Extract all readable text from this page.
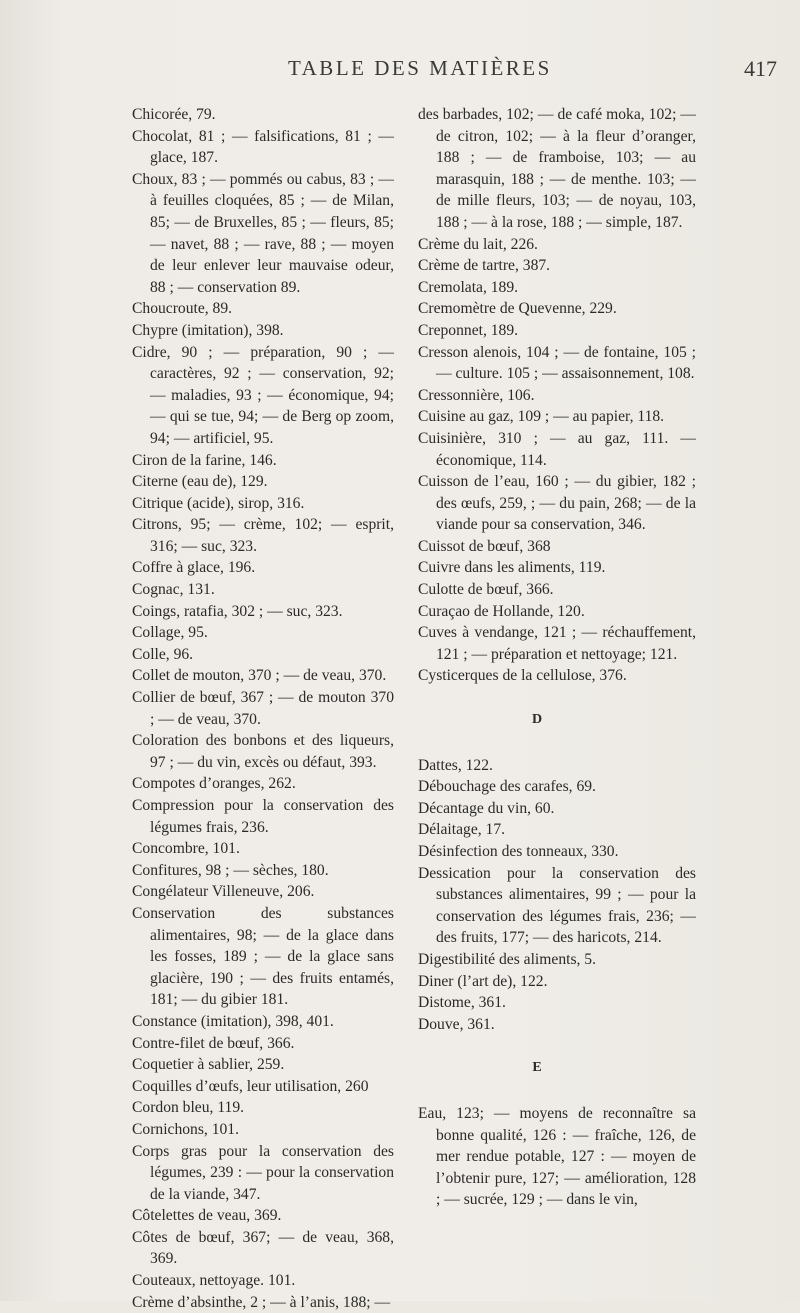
TABLE DES MATIÈRES	417

Chicorée, 79.

Chocolat, 81 ; — falsifications, 81 ; — glace, 187.

Choux, 83 ; — pommés ou cabus, 83 ; — à feuilles cloquées, 85 ; — de Milan, 85; — de Bruxelles, 85 ; — fleurs, 85; — navet, 88 ; — rave, 88 ; — moyen de leur enlever leur mauvaise odeur, 88 ; — conservation 89.

Choucroute, 89.

Chypre (imitation), 398.

Cidre, 90 ; — préparation, 90 ; — caractères, 92 ; — conservation, 92; — maladies, 93 ; — économique, 94; — qui se tue, 94; — de Berg op zoom, 94; — artificiel, 95.

Ciron de la farine, 146.

Citerne (eau de), 129.

Citrique (acide), sirop, 316.

Citrons, 95; — crème, 102; — esprit, 316; — suc, 323.

Coffre à glace, 196.

Cognac, 131.

Coings, ratafia, 302 ; — suc, 323.

Collage, 95.

Colle, 96.

Collet de mouton, 370 ; — de veau, 370.

Collier de bœuf, 367 ; — de mouton 370 ; — de veau, 370.

Coloration des bonbons et des liqueurs, 97 ; — du vin, excès ou défaut, 393.

Compotes d’oranges, 262.

Compression pour la conservation des légumes frais, 236.

Concombre, 101.

Confitures, 98 ; — sèches, 180.

Congélateur Villeneuve, 206.

Conservation des substances alimentaires, 98; — de la glace dans les fosses, 189 ; — de la glace sans glacière, 190 ; — des fruits entamés, 181; — du gibier 181.

Constance (imitation), 398, 401.

Contre-filet de bœuf, 366.

Coquetier à sablier, 259.

Coquilles d’œufs, leur utilisation, 260

Cordon bleu, 119.

Cornichons, 101.

Corps gras pour la conservation des légumes, 239 : — pour la conservation de la viande, 347.

Côtelettes de veau, 369.

Côtes de bœuf, 367; — de veau, 368, 369.

Couteaux, nettoyage. 101.

Crème d’absinthe, 2 ; — à l’anis, 188; —

des barbades, 102; — de café moka, 102; — de citron, 102; — à la fleur d’oranger, 188 ; — de framboise, 103; — au marasquin, 188 ; — de menthe. 103; — de mille fleurs, 103; — de noyau, 103, 188 ; — à la rose, 188 ; — simple, 187.

Crème du lait, 226.

Crème de tartre, 387.

Cremolata, 189.

Cremomètre de Quevenne, 229.

Creponnet, 189.

Cresson alenois, 104 ; — de fontaine, 105 ; — culture. 105 ; — assaisonnement, 108.

Cressonnière, 106.

Cuisine au gaz, 109 ; — au papier, 118.

Cuisinière, 310 ; — au gaz, 111. — économique, 114.

Cuisson de l’eau, 160 ; — du gibier, 182 ; des œufs, 259, ; — du pain, 268; — de la viande pour sa conservation, 346.

Cuissot de bœuf, 368

Cuivre dans les aliments, 119.

Culotte de bœuf, 366.

Curaçao de Hollande, 120.

Cuves à vendange, 121 ; — réchauffement, 121 ; — préparation et nettoyage; 121.

Cysticerques de la cellulose, 376.

D

Dattes, 122.

Débouchage des carafes, 69.

Décantage du vin, 60.

Délaitage, 17.

Désinfection des tonneaux, 330.

Dessication pour la conservation des substances alimentaires, 99 ; — pour la conservation des légumes frais, 236; — des fruits, 177; — des haricots, 214.

Digestibilité des aliments, 5.

Diner (l’art de), 122.

Distome, 361.

Douve, 361.

E

Eau, 123; — moyens de reconnaître sa bonne qualité, 126 : — fraîche, 126, de mer rendue potable, 127 : — moyen de l’obtenir pure, 127; — amélioration, 128 ; — sucrée, 129 ; — dans le vin,
